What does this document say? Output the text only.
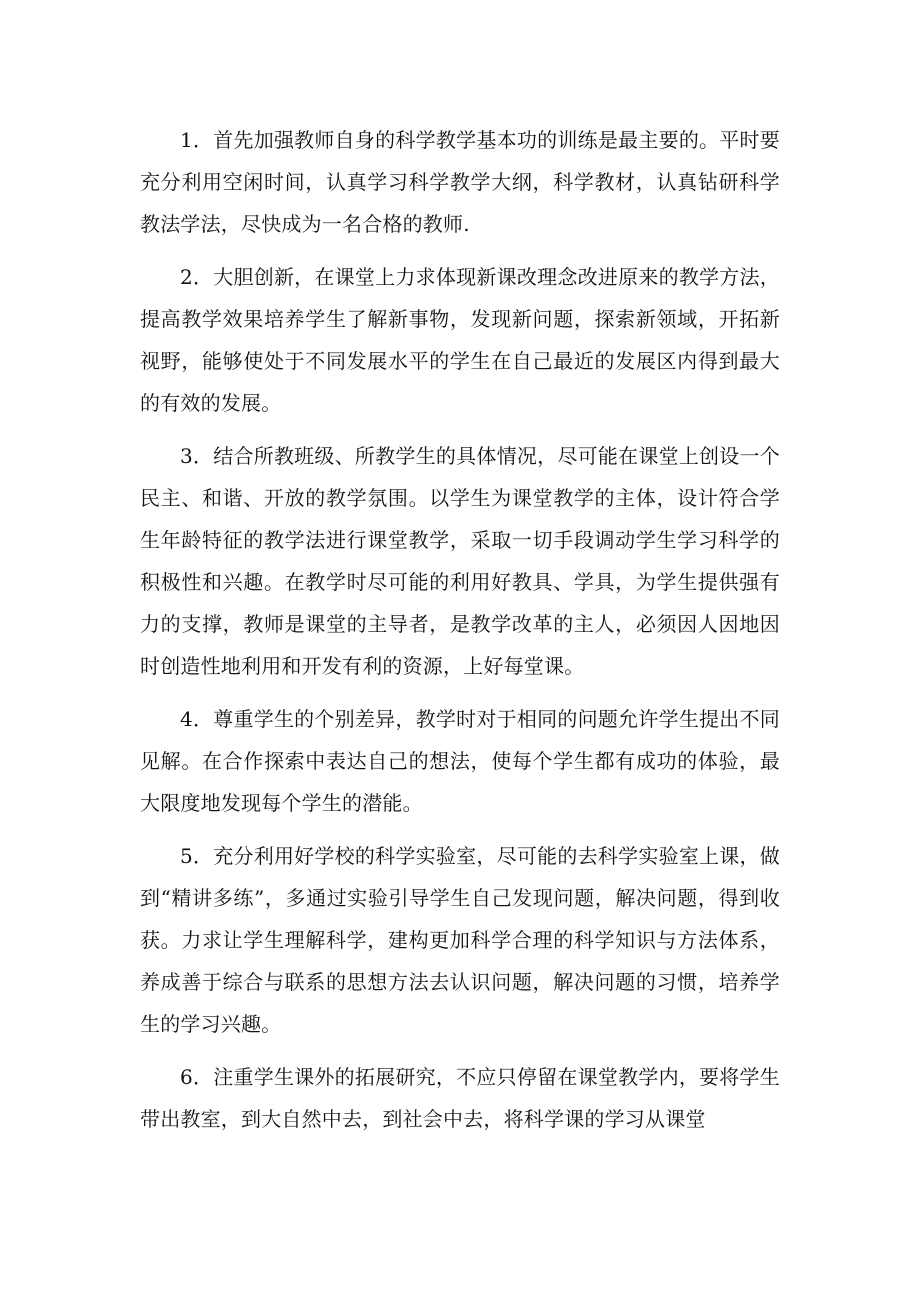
1．首先加强教师自身的科学教学基本功的训练是最主要的。平时要充分利用空闲时间，认真学习科学教学大纲，科学教材，认真钻研科学教法学法，尽快成为一名合格的教师.

2．大胆创新，在课堂上力求体现新课改理念改进原来的教学方法，提高教学效果培养学生了解新事物，发现新问题，探索新领域，开拓新视野，能够使处于不同发展水平的学生在自己最近的发展区内得到最大的有效的发展。

3．结合所教班级、所教学生的具体情况，尽可能在课堂上创设一个民主、和谐、开放的教学氛围。以学生为课堂教学的主体，设计符合学生年龄特征的教学法进行课堂教学，采取一切手段调动学生学习科学的积极性和兴趣。在教学时尽可能的利用好教具、学具，为学生提供强有力的支撑，教师是课堂的主导者，是教学改革的主人，必须因人因地因时创造性地利用和开发有利的资源，上好每堂课。

4．尊重学生的个别差异，教学时对于相同的问题允许学生提出不同见解。在合作探索中表达自己的想法，使每个学生都有成功的体验，最大限度地发现每个学生的潜能。

5．充分利用好学校的科学实验室，尽可能的去科学实验室上课，做到“精讲多练”，多通过实验引导学生自己发现问题，解决问题，得到收获。力求让学生理解科学，建构更加科学合理的科学知识与方法体系，养成善于综合与联系的思想方法去认识问题，解决问题的习惯，培养学生的学习兴趣。

6．注重学生课外的拓展研究，不应只停留在课堂教学内，要将学生带出教室，到大自然中去，到社会中去，将科学课的学习从课堂
